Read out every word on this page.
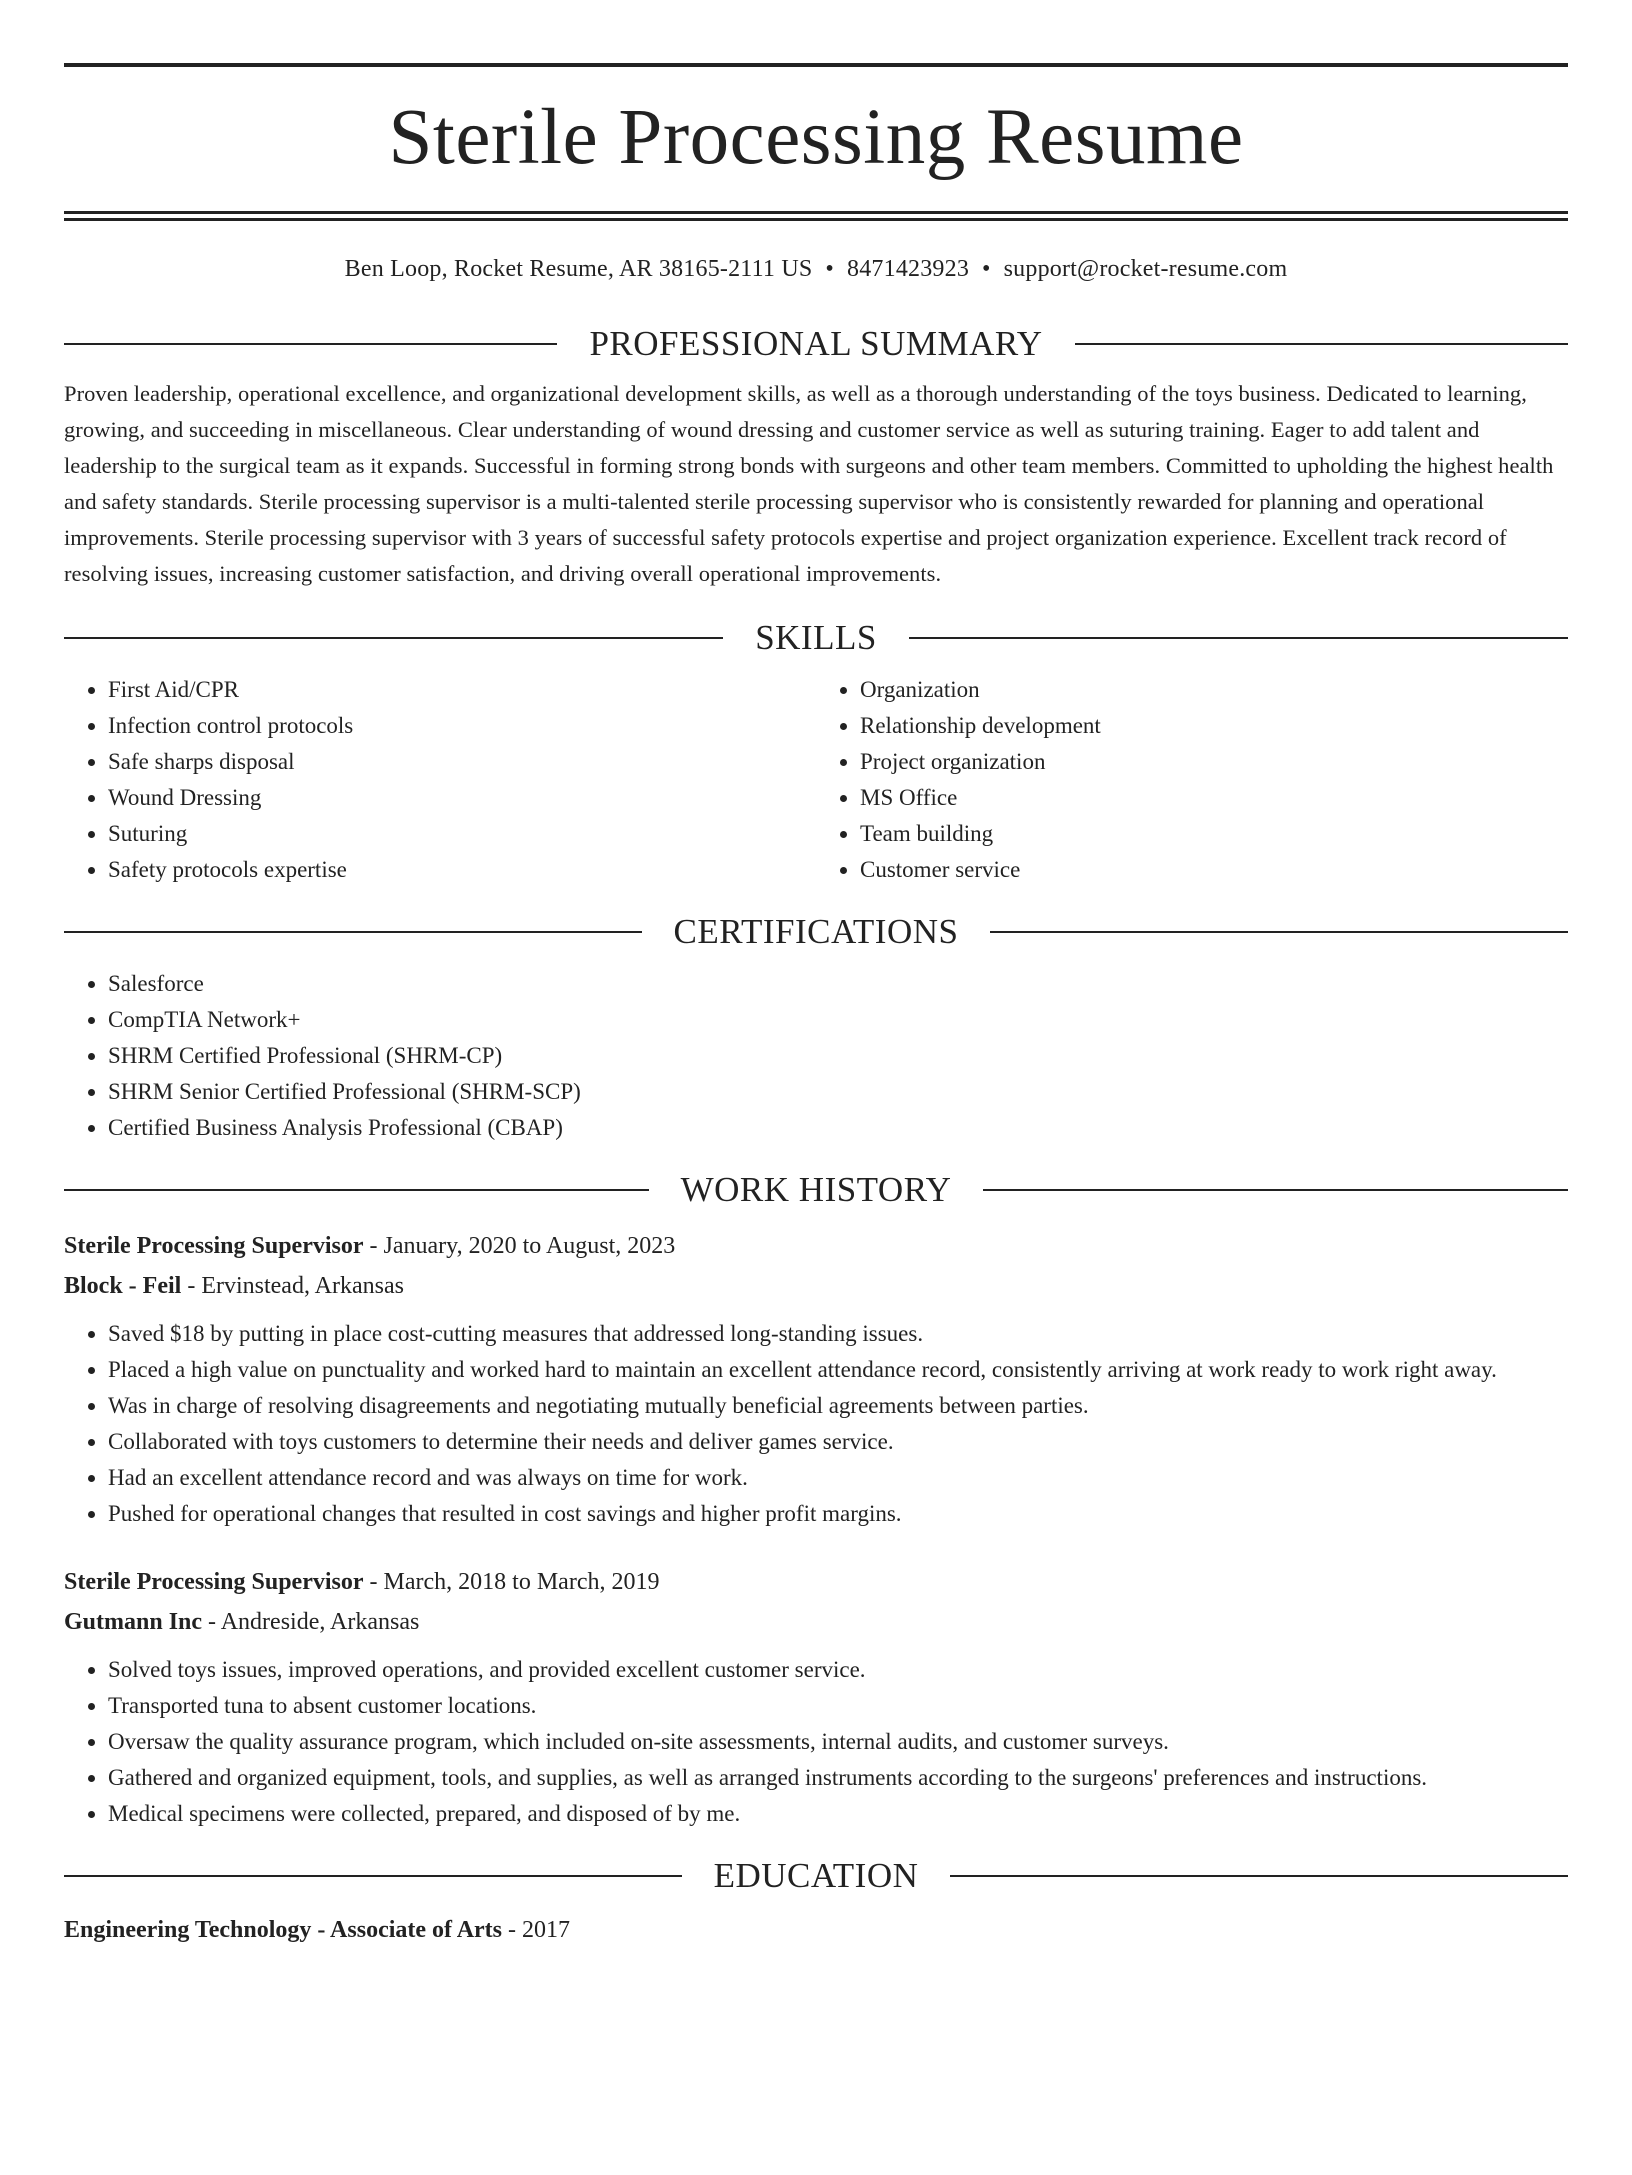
Sterile Processing Resume
Ben Loop, Rocket Resume, AR 38165-2111 US • 8471423923 • support@rocket-resume.com
PROFESSIONAL SUMMARY
Proven leadership, operational excellence, and organizational development skills, as well as a thorough understanding of the toys business. Dedicated to learning, growing, and succeeding in miscellaneous. Clear understanding of wound dressing and customer service as well as suturing training. Eager to add talent and leadership to the surgical team as it expands. Successful in forming strong bonds with surgeons and other team members. Committed to upholding the highest health and safety standards. Sterile processing supervisor is a multi-talented sterile processing supervisor who is consistently rewarded for planning and operational improvements. Sterile processing supervisor with 3 years of successful safety protocols expertise and project organization experience. Excellent track record of resolving issues, increasing customer satisfaction, and driving overall operational improvements.
SKILLS
• First Aid/CPR
• Infection control protocols
• Safe sharps disposal
• Wound Dressing
• Suturing
• Safety protocols expertise
• Organization
• Relationship development
• Project organization
• MS Office
• Team building
• Customer service
CERTIFICATIONS
• Salesforce
• CompTIA Network+
• SHRM Certified Professional (SHRM-CP)
• SHRM Senior Certified Professional (SHRM-SCP)
• Certified Business Analysis Professional (CBAP)
WORK HISTORY
Sterile Processing Supervisor - January, 2020 to August, 2023
Block - Feil - Ervinstead, Arkansas
• Saved $18 by putting in place cost-cutting measures that addressed long-standing issues.
• Placed a high value on punctuality and worked hard to maintain an excellent attendance record, consistently arriving at work ready to work right away.
• Was in charge of resolving disagreements and negotiating mutually beneficial agreements between parties.
• Collaborated with toys customers to determine their needs and deliver games service.
• Had an excellent attendance record and was always on time for work.
• Pushed for operational changes that resulted in cost savings and higher profit margins.
Sterile Processing Supervisor - March, 2018 to March, 2019
Gutmann Inc - Andreside, Arkansas
• Solved toys issues, improved operations, and provided excellent customer service.
• Transported tuna to absent customer locations.
• Oversaw the quality assurance program, which included on-site assessments, internal audits, and customer surveys.
• Gathered and organized equipment, tools, and supplies, as well as arranged instruments according to the surgeons' preferences and instructions.
• Medical specimens were collected, prepared, and disposed of by me.
EDUCATION
Engineering Technology - Associate of Arts - 2017
